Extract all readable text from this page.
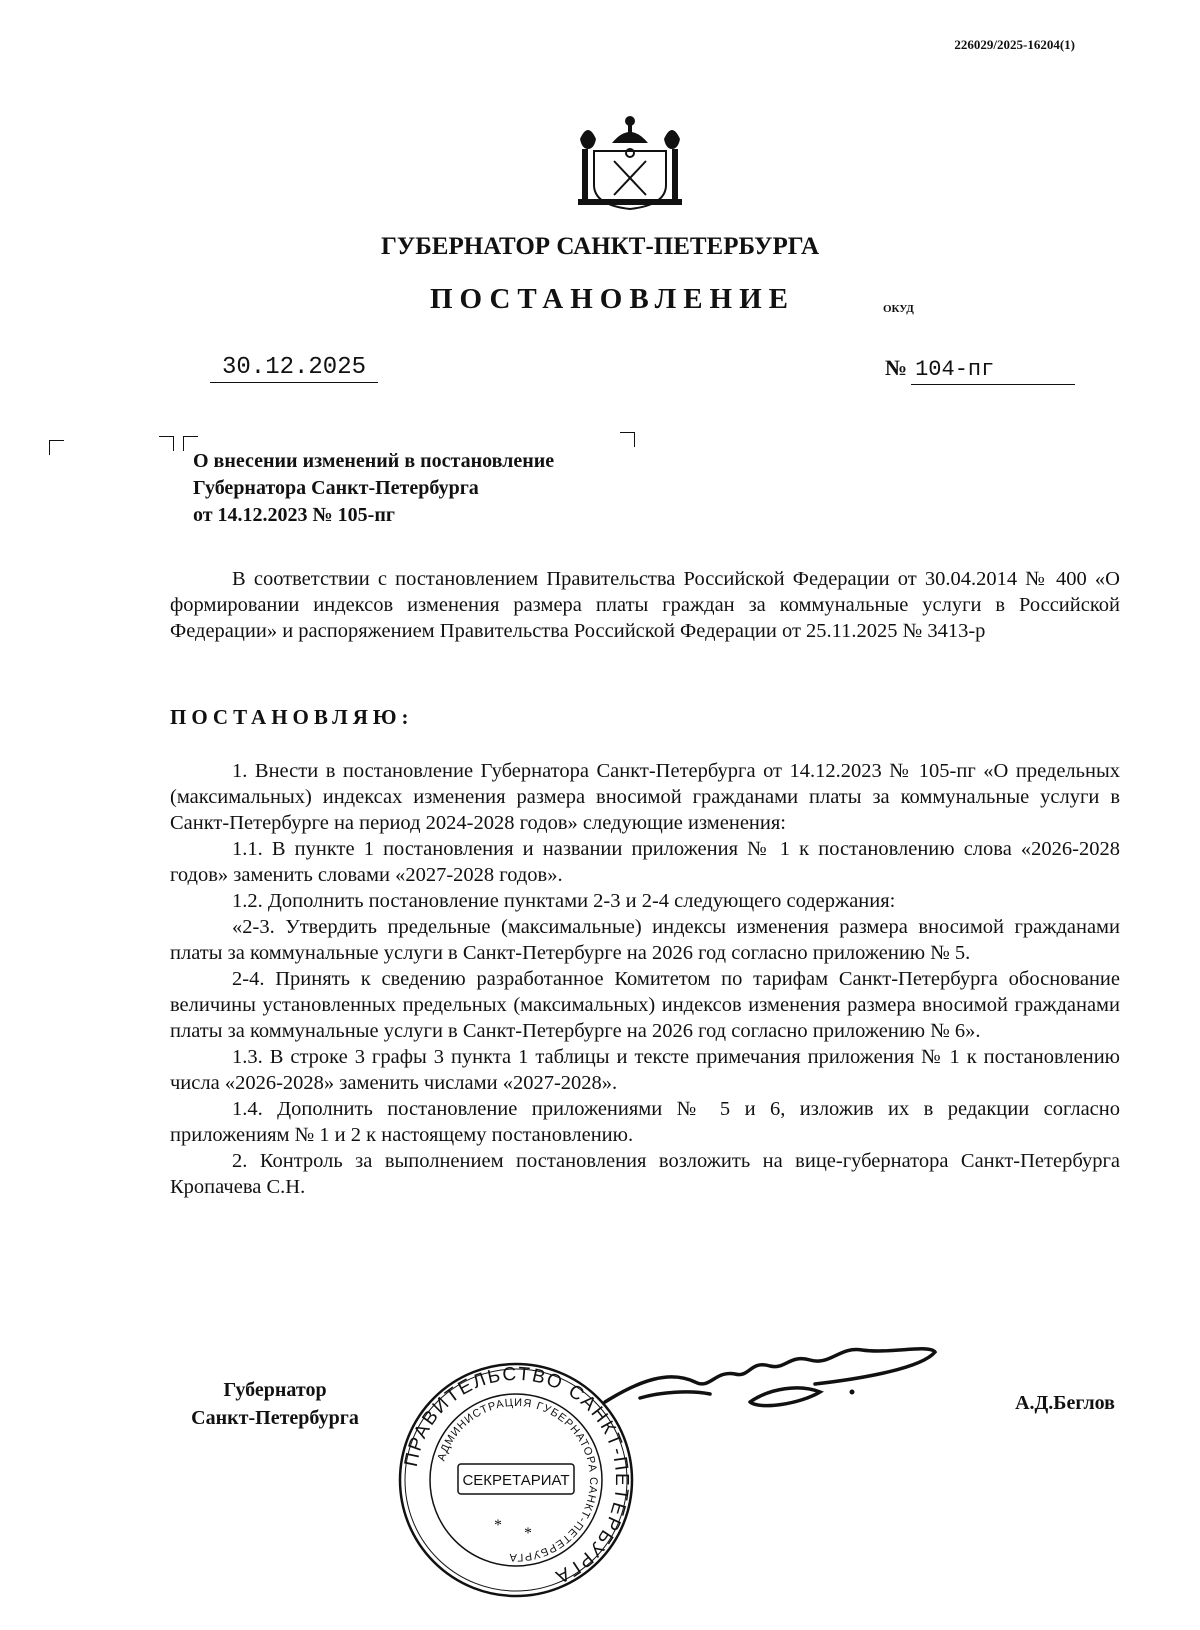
226029/2025-16204(1)
ГУБЕРНАТОР САНКТ-ПЕТЕРБУРГА
ПОСТАНОВЛЕНИЕ	ОКУД
30.12.2025	№ 104-пг
О внесении изменений в постановление
Губернатора Санкт-Петербурга
от 14.12.2023 № 105-пг

В соответствии с постановлением Правительства Российской Федерации от 30.04.2014 № 400 «О формировании индексов изменения размера платы граждан за коммунальные услуги в Российской Федерации» и распоряжением Правительства Российской Федерации от 25.11.2025 № 3413-р

ПОСТАНОВЛЯЮ:

1. Внести в постановление Губернатора Санкт-Петербурга от 14.12.2023 № 105-пг «О предельных (максимальных) индексах изменения размера вносимой гражданами платы за коммунальные услуги в Санкт-Петербурге на период 2024-2028 годов» следующие изменения:

1.1. В пункте 1 постановления и названии приложения № 1 к постановлению слова «2026-2028 годов» заменить словами «2027-2028 годов».

1.2. Дополнить постановление пунктами 2-3 и 2-4 следующего содержания:

«2-3. Утвердить предельные (максимальные) индексы изменения размера вносимой гражданами платы за коммунальные услуги в Санкт-Петербурге на 2026 год согласно приложению № 5.

2-4. Принять к сведению разработанное Комитетом по тарифам Санкт-Петербурга обоснование величины установленных предельных (максимальных) индексов изменения размера вносимой гражданами платы за коммунальные услуги в Санкт-Петербурге на 2026 год согласно приложению № 6».

1.3. В строке 3 графы 3 пункта 1 таблицы и тексте примечания приложения № 1 к постановлению числа «2026-2028» заменить числами «2027-2028».

1.4. Дополнить постановление приложениями № 5 и 6, изложив их в редакции согласно приложениям № 1 и 2 к настоящему постановлению.

2. Контроль за выполнением постановления возложить на вице-губернатора Санкт-Петербурга Кропачева С.Н.

Губернатор
Санкт-Петербурга
ПРАВИТЕЛЬСТВО САНКТ-ПЕТЕРБУРГА
АДМИНИСТРАЦИЯ ГУБЕРНАТОРА САНКТ-ПЕТЕРБУРГА
СЕКРЕТАРИАТ
* *
А.Д.Беглов
